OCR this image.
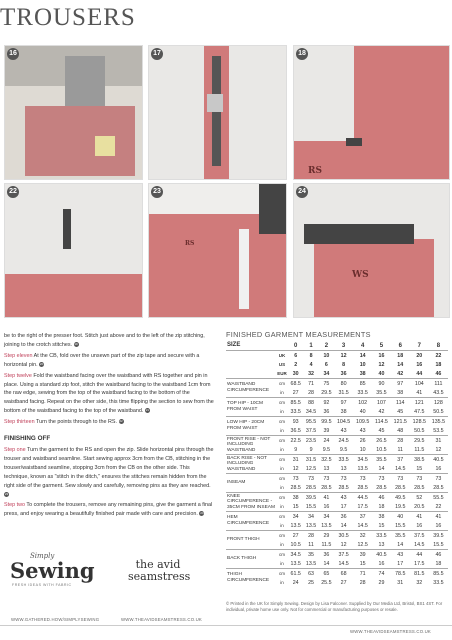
TROUSERS
16	17	18
RS
22	23
RS
24
WS

be to the right of the presser foot. Stitch just above and to the left of the zip stitching, joining to the crotch stitches. 19

Step eleven At the CB, fold over the unsewn part of the zip tape and secure with a horizontal pin. 20

Step twelve Fold the waistband facing over the waistband with RS together and pin in place. Using a standard zip foot, stitch the waistband facing to the waistband 1cm from the raw edge, sewing from the top of the waistband facing to the bottom of the waistband facing. Repeat on the other side, this time flipping the section to sew from the bottom of the waistband facing to the top of the waistband. 21

Step thirteen Turn the points through to the RS. 22

FINISHING OFF

Step one Turn the garment to the RS and open the zip. Slide horizontal pins through the trouser and waistband seamline. Start sewing approx 3cm from the CB, stitching in the trouser/waistband seamline, stopping 3cm from the CB on the other side. This technique, known as "stitch in the ditch," ensures the stitches remain hidden from the right side of the garment. Sew slowly and carefully, removing pins as they are reached. 23

Step two To complete the trousers, remove any remaining pins, give the garment a final press, and enjoy wearing a beautifully finished pair made with care and precision. 24

FINISHED GARMENT MEASUREMENTS
SIZE		0	1	2	3	4	5	6	7	8
	UK	6	8	10	12	14	16	18	20	22
	US	2	4	6	8	10	12	14	16	18
	EUR	30	32	34	36	38	40	42	44	46
WAISTBAND CIRCUMFERENCE	cm	68.5	71	75	80	85	90	97	104	111
	in	27	28	29.5	31.5	33.5	35.5	38	41	43.5
TOP HIP - 10CM FROM WAIST	cm	85.5	88	92	97	102	107	114	121	128
	in	33.5	34.5	36	38	40	42	45	47.5	50.5
LOW HIP - 20CM FROM WAIST	cm	93	95.5	99.5	104.5	109.5	114.5	121.5	128.5	135.5
	in	36.5	37.5	39	43	43	45	48	50.5	53.5
FRONT RISE - NOT INCLUDING WAISTBAND	cm	22.5	23.5	24	24.5	26	26.5	28	29.5	31
	in	9	9	9.5	9.5	10	10.5	11	11.5	12
BACK RISE - NOT INCLUDING WAISTBAND	cm	31	31.5	32.5	33.5	34.5	35.5	37	38.5	40.5
	in	12	12.5	13	13	13.5	14	14.5	15	16
INSEAM	cm	73	73	73	73	73	73	73	73	73
	in	28.5	28.5	28.5	28.5	28.5	28.5	28.5	28.5	28.5
KNEE CIRCUMFERENCE - 35CM FROM INSEAM	cm	38	39.5	41	43	44.5	46	49.5	52	55.5
	in	15	15.5	16	17	17.5	18	19.5	20.5	22
HEM CIRCUMFERENCE	cm	34	34	34	36	37	38	40	41	41
	in	13.5	13.5	13.5	14	14.5	15	15.5	16	16
FRONT THIGH	cm	27	28	29	30.5	32	33.5	35.5	37.5	39.5
	in	10.5	11	11.5	12	12.5	13	14	14.5	15.5
BACK THIGH	cm	34.5	35	36	37.5	39	40.5	43	44	46
	in	13.5	13.5	14	14.5	15	16	17	17.5	18
THIGH CIRCUMFERENCE	cm	61.5	63	65	68	71	74	78.5	81.5	85.5
	in	24	25	25.5	27	28	29	31	32	33.5
© Printed in the UK for Simply Sewing. Design by Lisa Falconer. Supplied by Our Media Ltd, Bristol, BS1 4ST. For individual, private home use only. Not for commercial or manufacturing purposes or resale.
Simply
Sewing
FRESH IDEAS WITH FABRIC
the avid seamstress
WWW.GATHERED.HOW/SIMPLYSEWING	WWW.THEAVIDSEAMSTRESS.CO.UK
WWW.THEAVIDSEAMSTRESS.CO.UK
